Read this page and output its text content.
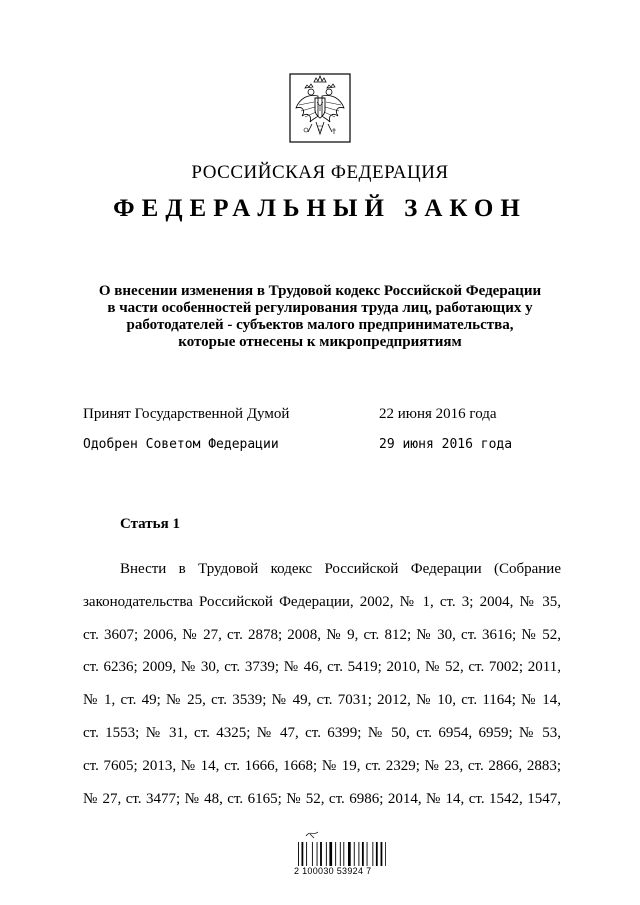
РОССИЙСКАЯ ФЕДЕРАЦИЯ
ФЕДЕРАЛЬНЫЙ ЗАКОН
О внесении изменения в Трудовой кодекс Российской Федерации
в части особенностей регулирования труда лиц, работающих у
работодателей - субъектов малого предпринимательства,
которые отнесены к микропредприятиям
Принят Государственной Думой	22 июня 2016 года
Одобрен Советом Федерации	29 июня 2016 года
Статья 1
Внести в Трудовой кодекс Российской Федерации (Собрание
законодательства Российской Федерации, 2002, № 1, ст. 3; 2004, № 35,
ст. 3607; 2006, № 27, ст. 2878; 2008, № 9, ст. 812; № 30, ст. 3616; № 52,
ст. 6236; 2009, № 30, ст. 3739; № 46, ст. 5419; 2010, № 52, ст. 7002; 2011,
№ 1, ст. 49; № 25, ст. 3539; № 49, ст. 7031; 2012, № 10, ст. 1164; № 14,
ст. 1553; № 31, ст. 4325; № 47, ст. 6399; № 50, ст. 6954, 6959; № 53,
ст. 7605; 2013, № 14, ст. 1666, 1668; № 19, ст. 2329; № 23, ст. 2866, 2883;
№ 27, ст. 3477; № 48, ст. 6165; № 52, ст. 6986; 2014, № 14, ст. 1542, 1547,
2 100030 53924 7
